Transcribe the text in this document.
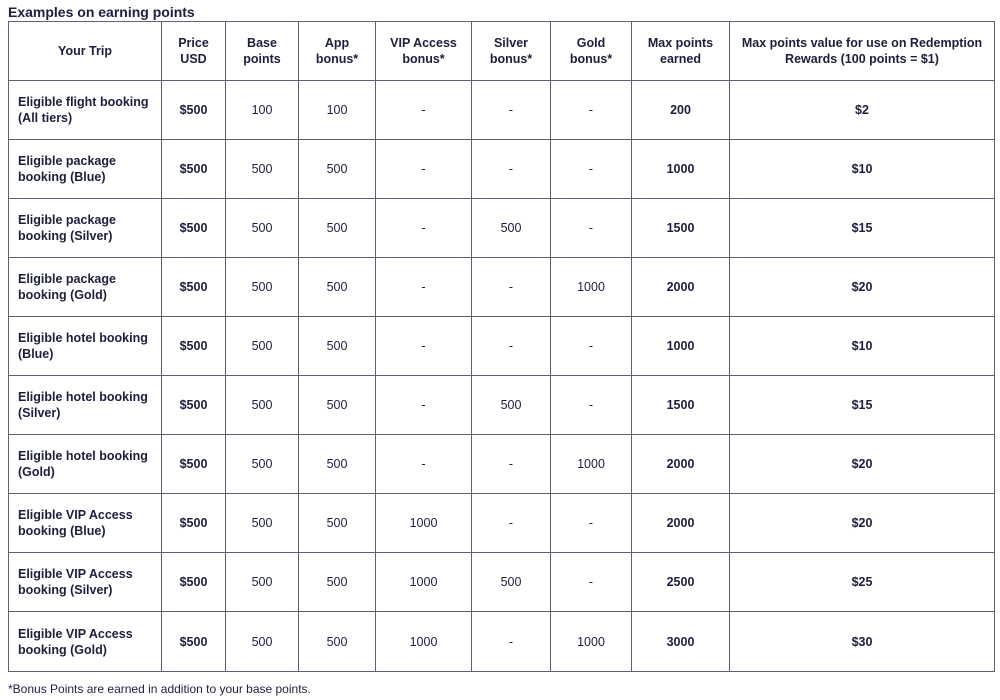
Examples on earning points
Your Trip	Price USD	Base points	App bonus*	VIP Access bonus*	Silver bonus*	Gold bonus*	Max points earned	Max points value for use on Redemption Rewards (100 points = $1)
Eligible flight booking (All tiers)	$500	100	100	-	-	-	200	$2
Eligible package booking (Blue)	$500	500	500	-	-	-	1000	$10
Eligible package booking (Silver)	$500	500	500	-	500	-	1500	$15
Eligible package booking (Gold)	$500	500	500	-	-	1000	2000	$20
Eligible hotel booking (Blue)	$500	500	500	-	-	-	1000	$10
Eligible hotel booking (Silver)	$500	500	500	-	500	-	1500	$15
Eligible hotel booking (Gold)	$500	500	500	-	-	1000	2000	$20
Eligible VIP Access booking (Blue)	$500	500	500	1000	-	-	2000	$20
Eligible VIP Access booking (Silver)	$500	500	500	1000	500	-	2500	$25
Eligible VIP Access booking (Gold)	$500	500	500	1000	-	1000	3000	$30

*Bonus Points are earned in addition to your base points.
